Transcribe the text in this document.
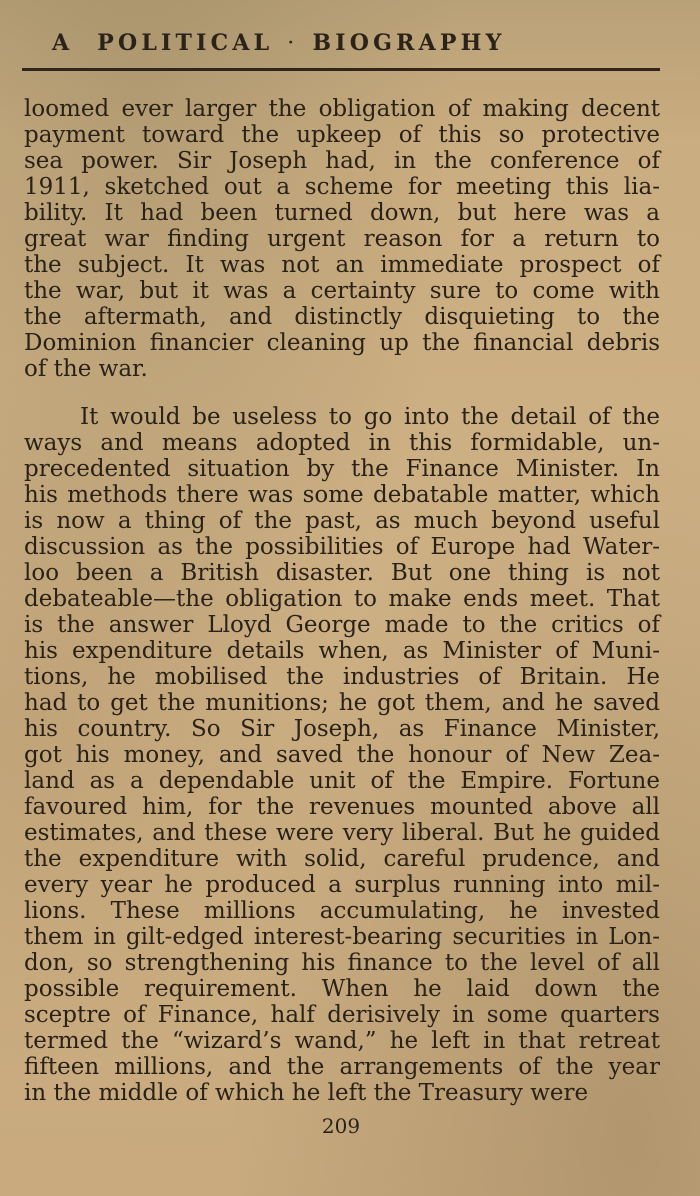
A POLITICAL · BIOGRAPHY
loomed ever larger the obligation of making decent
payment toward the upkeep of this so protective
sea power. Sir Joseph had, in the conference of
1911, sketched out a scheme for meeting this lia-
bility. It had been turned down, but here was a
great war finding urgent reason for a return to
the subject. It was not an immediate prospect of
the war, but it was a certainty sure to come with
the aftermath, and distinctly disquieting to the
Dominion financier cleaning up the financial debris
of the war.
It would be useless to go into the detail of the
ways and means adopted in this formidable, un-
precedented situation by the Finance Minister. In
his methods there was some debatable matter, which
is now a thing of the past, as much beyond useful
discussion as the possibilities of Europe had Water-
loo been a British disaster. But one thing is not
debateable—the obligation to make ends meet. That
is the answer Lloyd George made to the critics of
his expenditure details when, as Minister of Muni-
tions, he mobilised the industries of Britain. He
had to get the munitions; he got them, and he saved
his country. So Sir Joseph, as Finance Minister,
got his money, and saved the honour of New Zea-
land as a dependable unit of the Empire. Fortune
favoured him, for the revenues mounted above all
estimates, and these were very liberal. But he guided
the expenditure with solid, careful prudence, and
every year he produced a surplus running into mil-
lions. These millions accumulating, he invested
them in gilt-edged interest-bearing securities in Lon-
don, so strengthening his finance to the level of all
possible requirement. When he laid down the
sceptre of Finance, half derisively in some quarters
termed the “wizard’s wand,” he left in that retreat
fifteen millions, and the arrangements of the year
in the middle of which he left the Treasury were
209
